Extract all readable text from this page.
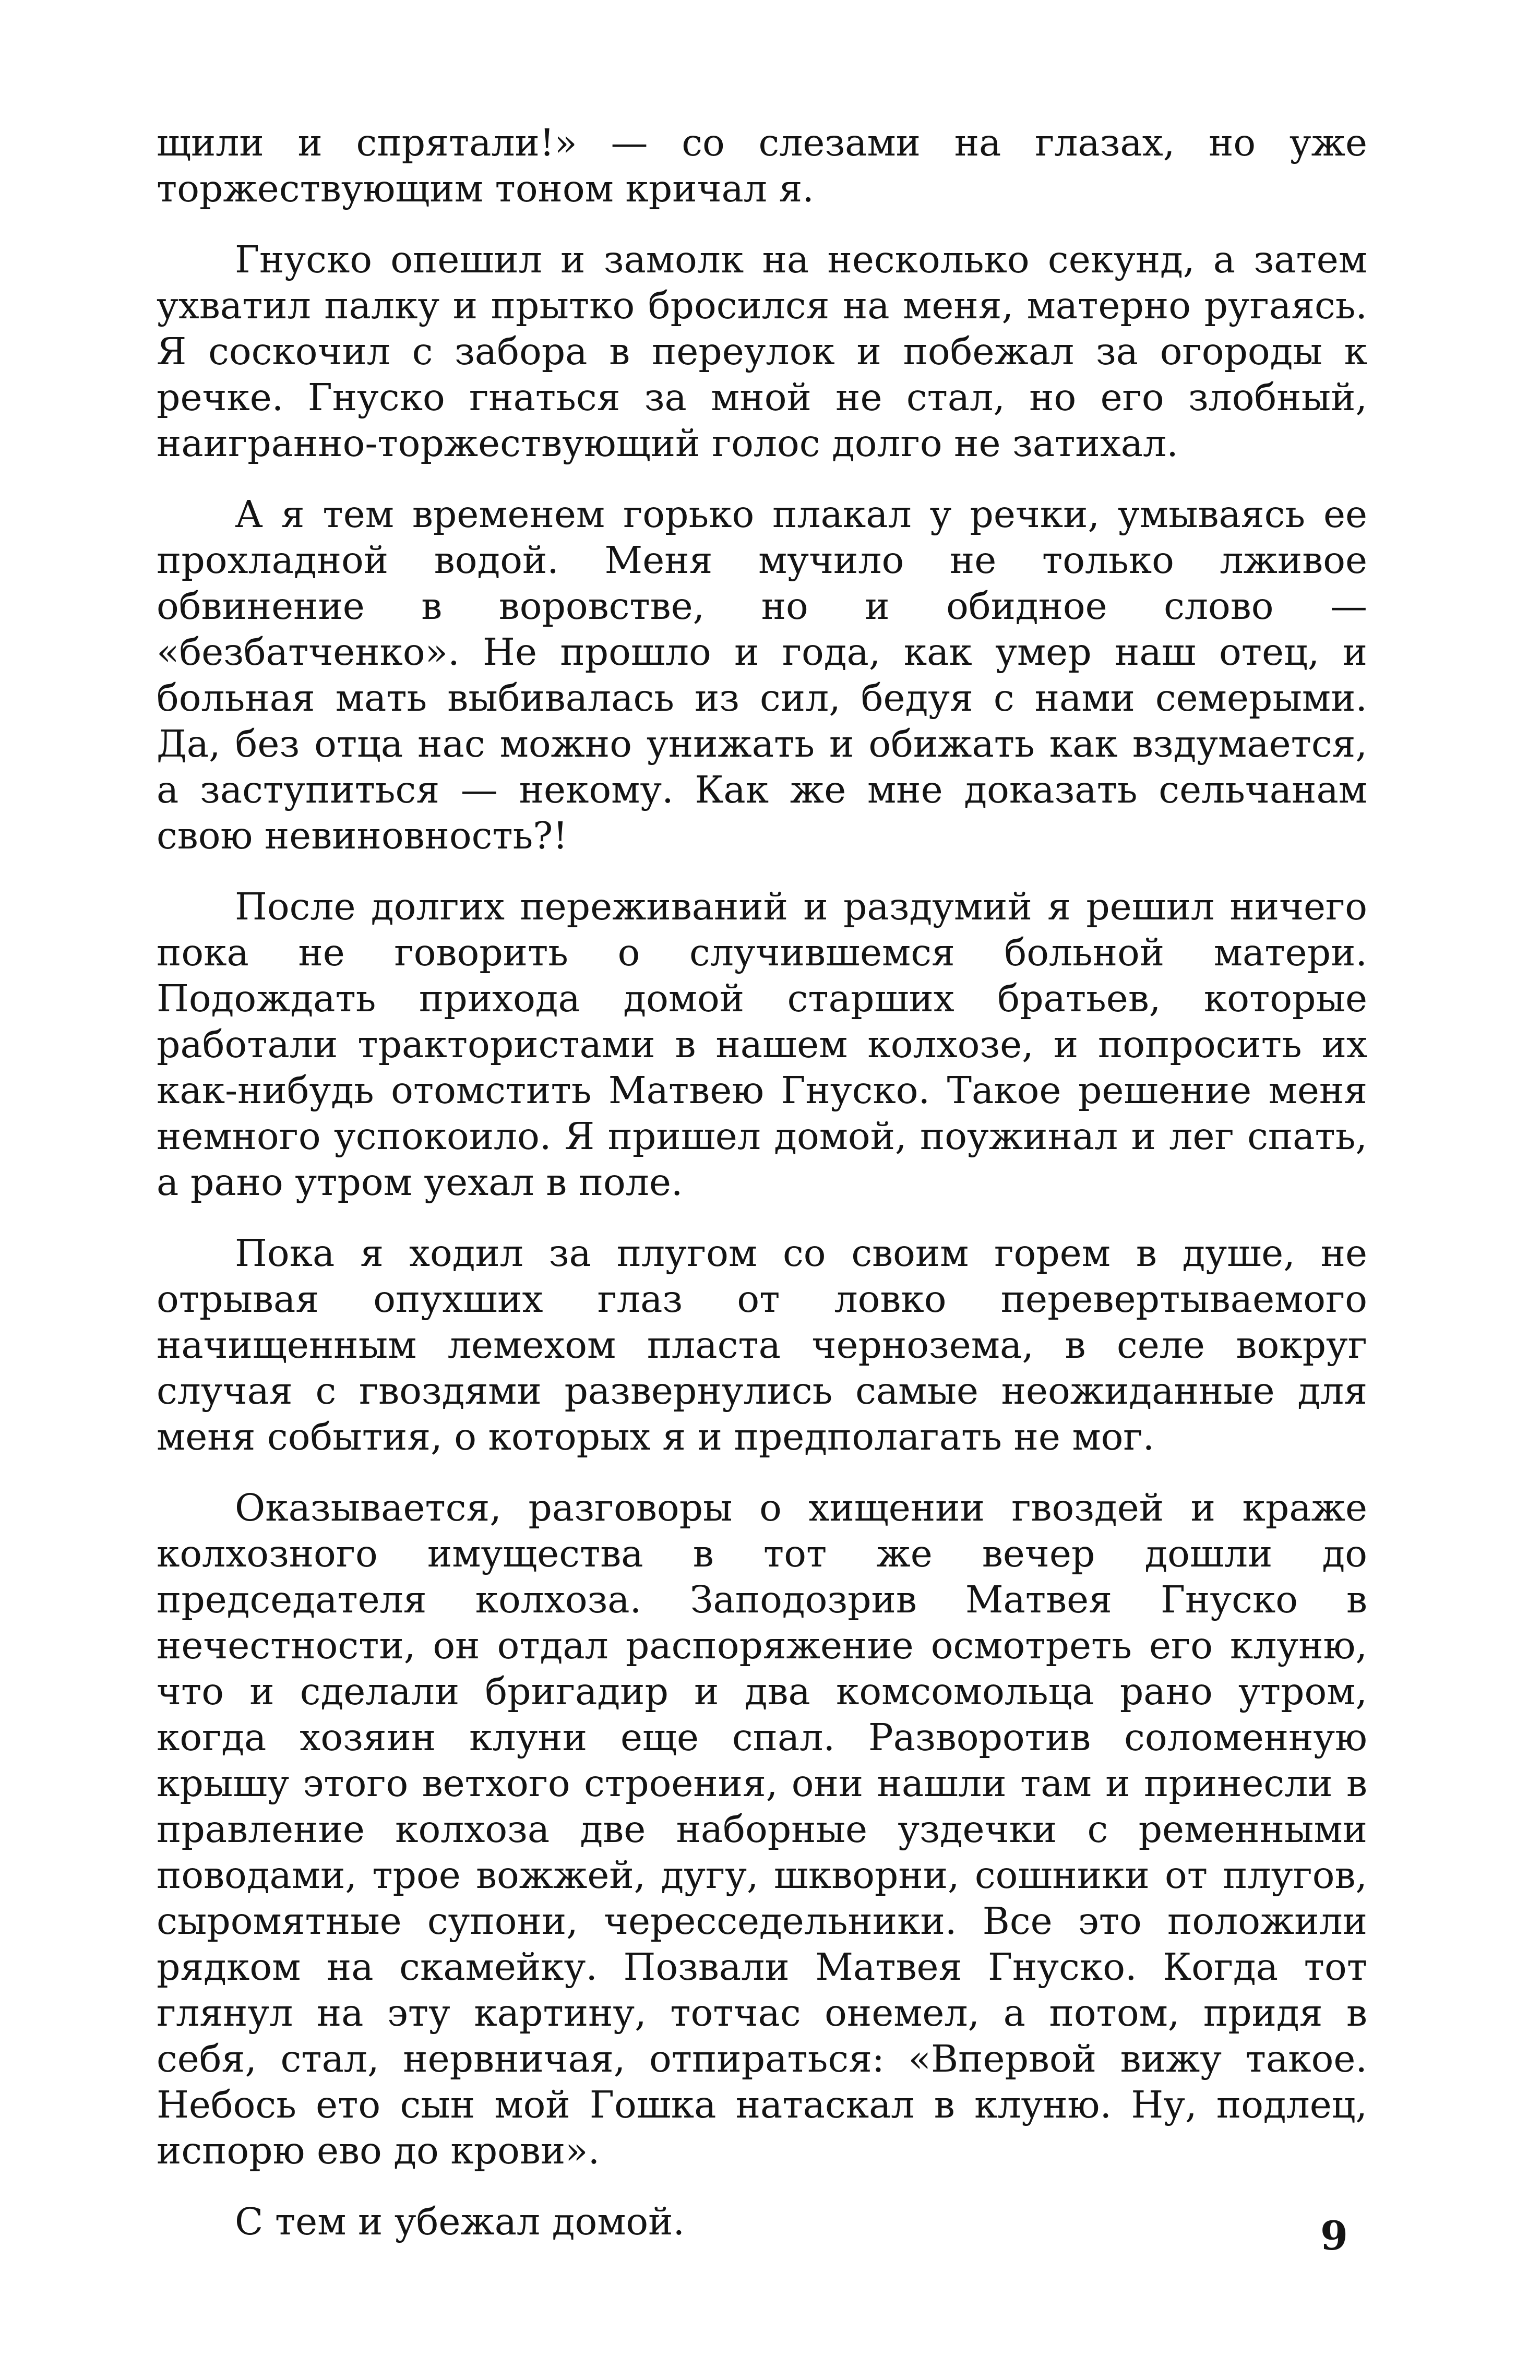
щили и спрятали!» — со слезами на глазах, но уже торжествующим тоном кричал я.

Гнуско опешил и замолк на несколько секунд, а затем ухватил палку и прытко бросился на меня, матерно ругаясь. Я соскочил с забора в переулок и побежал за огороды к речке. Гнуско гнаться за мной не стал, но его злобный, наигранно-торжествующий голос долго не затихал.

А я тем временем горько плакал у речки, умываясь ее прохладной водой. Меня мучило не только лживое обвинение в воровстве, но и обидное слово — «безбатченко». Не прошло и года, как умер наш отец, и больная мать выбивалась из сил, бедуя с нами семерыми. Да, без отца нас можно унижать и обижать как вздумается, а заступиться — некому. Как же мне доказать сельчанам свою невиновность?!

После долгих переживаний и раздумий я решил ничего пока не говорить о случившемся больной матери. Подождать прихода домой старших братьев, которые работали трактористами в нашем колхозе, и попросить их как-нибудь отомстить Матвею Гнуско. Такое решение меня немного успокоило. Я пришел домой, поужинал и лег спать, а рано утром уехал в поле.

Пока я ходил за плугом со своим горем в душе, не отрывая опухших глаз от ловко перевертываемого начищенным лемехом пласта чернозема, в селе вокруг случая с гвоздями развернулись самые неожиданные для меня события, о которых я и предполагать не мог.

Оказывается, разговоры о хищении гвоздей и краже колхозного имущества в тот же вечер дошли до председателя колхоза. Заподозрив Матвея Гнуско в нечестности, он отдал распоряжение осмотреть его клуню, что и сделали бригадир и два комсомольца рано утром, когда хозяин клуни еще спал. Разворотив соломенную крышу этого ветхого строения, они нашли там и принесли в правление колхоза две наборные уздечки с ременными поводами, трое вожжей, дугу, шкворни, сошники от плугов, сыромятные супони, чересседельники. Все это положили рядком на скамейку. Позвали Матвея Гнуско. Когда тот глянул на эту картину, тотчас онемел, а потом, придя в себя, стал, нервничая, отпираться: «Впервой вижу такое. Небось ето сын мой Гошка натаскал в клуню. Ну, подлец, испорю ево до крови».

С тем и убежал домой.	9
